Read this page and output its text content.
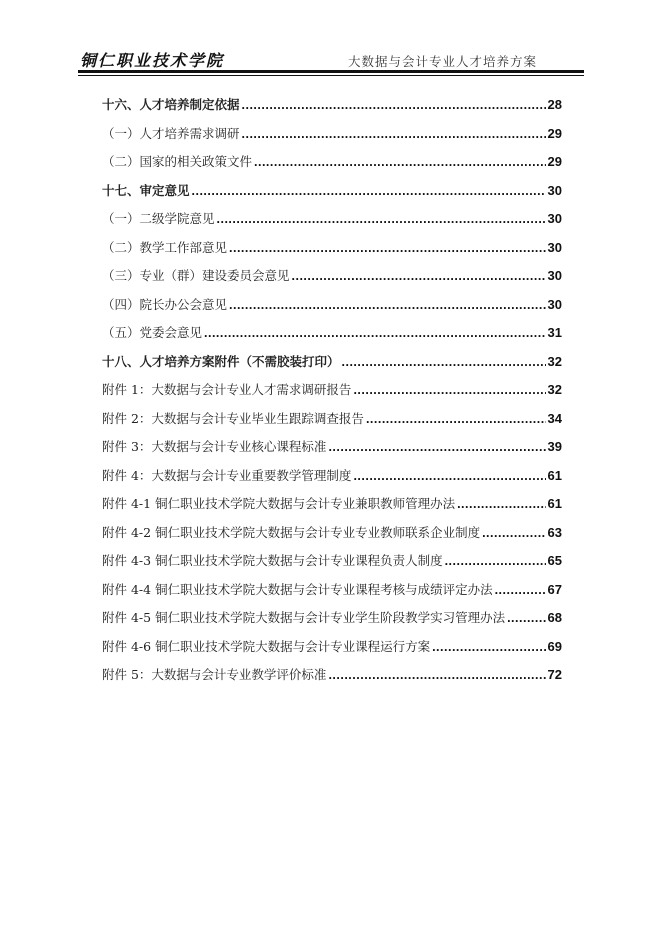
铜仁职业技术学院	大数据与会计专业人才培养方案
十六、人才培养制定依据 .....	28
（一）人才培养需求调研 .....	29
（二）国家的相关政策文件 .....	29
十七、审定意见 .....	30
（一）二级学院意见 .....	30
（二）教学工作部意见 .....	30
（三）专业（群）建设委员会意见 .....	30
（四）院长办公会意见 .....	30
（五）党委会意见 .....	31
十八、人才培养方案附件（不需胶装打印） .....	32
附件 1：大数据与会计专业人才需求调研报告 .....	32
附件 2：大数据与会计专业毕业生跟踪调查报告 .....	34
附件 3：大数据与会计专业核心课程标准 .....	39
附件 4：大数据与会计专业重要教学管理制度 .....	61
附件 4-1 铜仁职业技术学院大数据与会计专业兼职教师管理办法 .....	61
附件 4-2 铜仁职业技术学院大数据与会计专业专业教师联系企业制度 .....	63
附件 4-3 铜仁职业技术学院大数据与会计专业课程负责人制度 .....	65
附件 4-4 铜仁职业技术学院大数据与会计专业课程考核与成绩评定办法 .....	67
附件 4-5 铜仁职业技术学院大数据与会计专业学生阶段教学实习管理办法 .....	68
附件 4-6 铜仁职业技术学院大数据与会计专业课程运行方案 .....	69
附件 5：大数据与会计专业教学评价标准 .....	72
